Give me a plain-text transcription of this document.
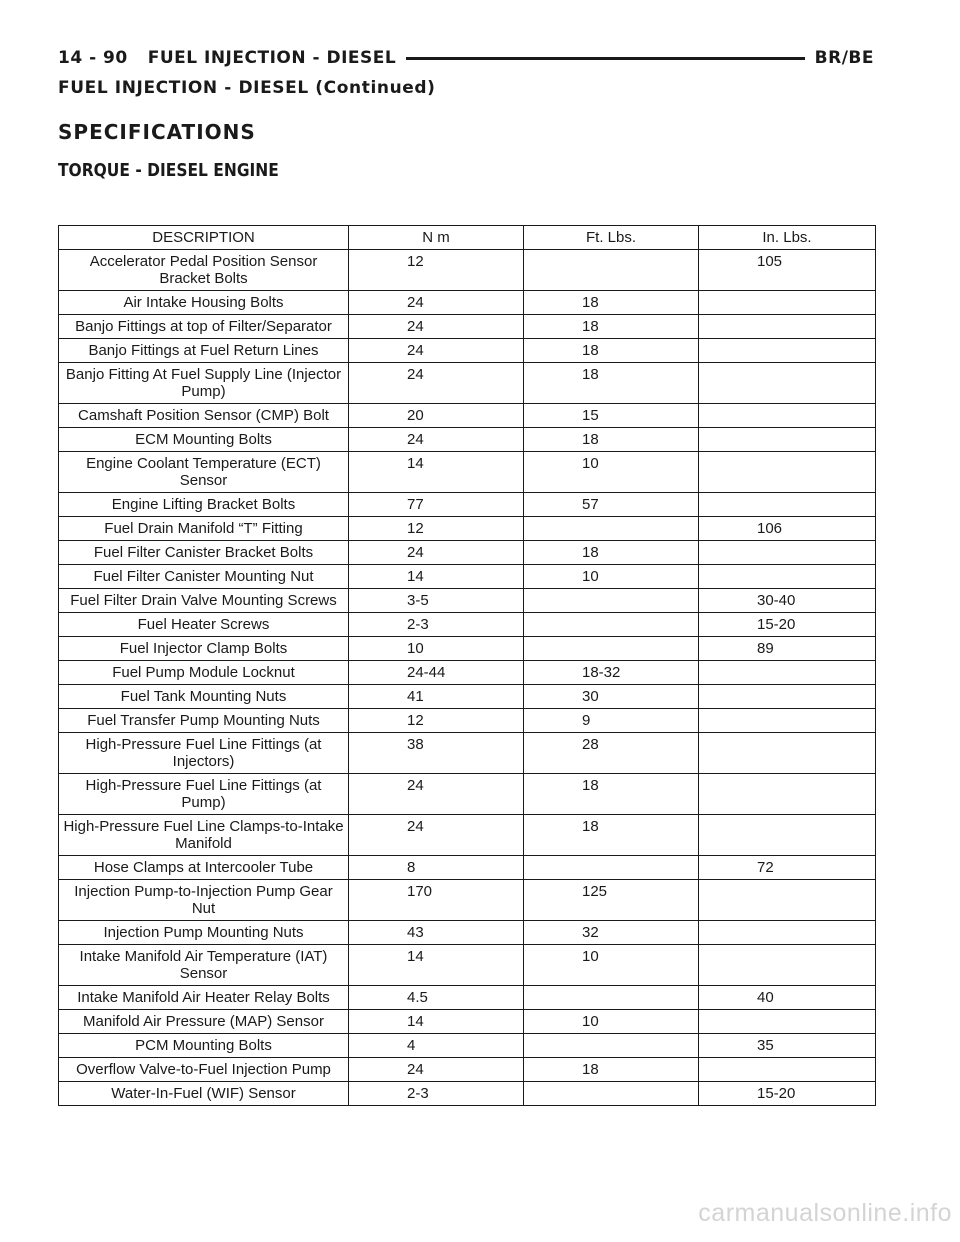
14 - 90 FUEL INJECTION - DIESEL	BR/BE
FUEL INJECTION - DIESEL (Continued)
SPECIFICATIONS
TORQUE - DIESEL ENGINE
DESCRIPTION	N m	Ft. Lbs.	In. Lbs.
Accelerator Pedal Position Sensor Bracket Bolts	12		105
Air Intake Housing Bolts	24	18	
Banjo Fittings at top of Filter/Separator	24	18	
Banjo Fittings at Fuel Return Lines	24	18	
Banjo Fitting At Fuel Supply Line (Injector Pump)	24	18	
Camshaft Position Sensor (CMP) Bolt	20	15	
ECM Mounting Bolts	24	18	
Engine Coolant Temperature (ECT) Sensor	14	10	
Engine Lifting Bracket Bolts	77	57	
Fuel Drain Manifold “T” Fitting	12		106
Fuel Filter Canister Bracket Bolts	24	18	
Fuel Filter Canister Mounting Nut	14	10	
Fuel Filter Drain Valve Mounting Screws	3-5		30-40
Fuel Heater Screws	2-3		15-20
Fuel Injector Clamp Bolts	10		89
Fuel Pump Module Locknut	24-44	18-32	
Fuel Tank Mounting Nuts	41	30	
Fuel Transfer Pump Mounting Nuts	12	9	
High-Pressure Fuel Line Fittings (at Injectors)	38	28	
High-Pressure Fuel Line Fittings (at Pump)	24	18	
High-Pressure Fuel Line Clamps-to-Intake Manifold	24	18	
Hose Clamps at Intercooler Tube	8		72
Injection Pump-to-Injection Pump Gear Nut	170	125	
Injection Pump Mounting Nuts	43	32	
Intake Manifold Air Temperature (IAT) Sensor	14	10	
Intake Manifold Air Heater Relay Bolts	4.5		40
Manifold Air Pressure (MAP) Sensor	14	10	
PCM Mounting Bolts	4		35
Overflow Valve-to-Fuel Injection Pump	24	18	
Water-In-Fuel (WIF) Sensor	2-3		15-20
carmanualsonline.info
